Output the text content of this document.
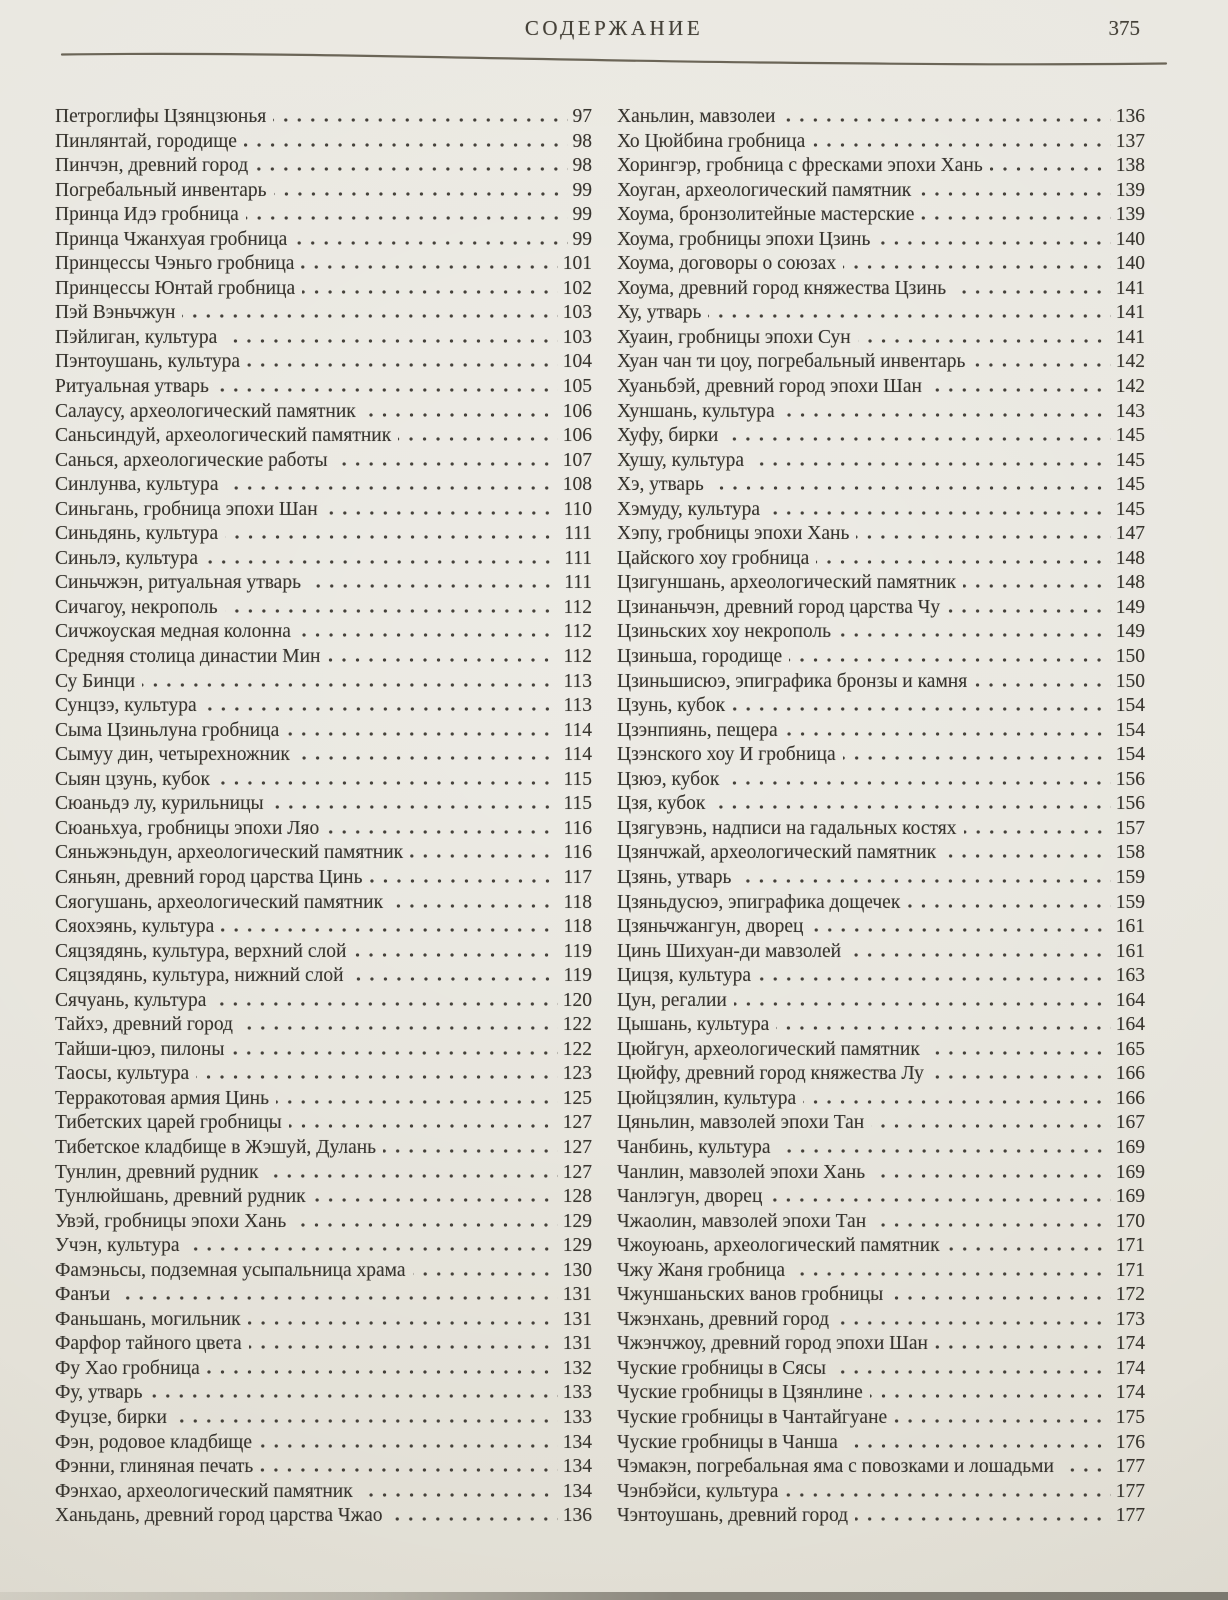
СОДЕРЖАНИЕ	375
Петроглифы Цзянцзюнья	97
Пинлянтай, городище	98
Пинчэн, древний город	98
Погребальный инвентарь	99
Принца Идэ гробница	99
Принца Чжанхуая гробница	99
Принцессы Чэньго гробница	101
Принцессы Юнтай гробница	102
Пэй Вэньчжун	103
Пэйлиган, культура	103
Пэнтоушань, культура	104
Ритуальная утварь	105
Салаусу, археологический памятник	106
Саньсиндуй, археологический памятник	106
Санься, археологические работы	107
Синлунва, культура	108
Синьгань, гробница эпохи Шан	110
Синьдянь, культура	111
Синьлэ, культура	111
Синьчжэн, ритуальная утварь	111
Сичагоу, некрополь	112
Сичжоуская медная колонна	112
Средняя столица династии Мин	112
Су Бинци	113
Сунцзэ, культура	113
Сыма Цзиньлуна гробница	114
Сымуу дин, четырехножник	114
Сыян цзунь, кубок	115
Сюаньдэ лу, курильницы	115
Сюаньхуа, гробницы эпохи Ляо	116
Сяньжэньдун, археологический памятник	116
Сяньян, древний город царства Цинь	117
Сяогушань, археологический памятник	118
Сяохэянь, культура	118
Сяцзядянь, культура, верхний слой	119
Сяцзядянь, культура, нижний слой	119
Сячуань, культура	120
Тайхэ, древний город	122
Тайши-цюэ, пилоны	122
Таосы, культура	123
Терракотовая армия Цинь	125
Тибетских царей гробницы	127
Тибетское кладбище в Жэшуй, Дулань	127
Тунлин, древний рудник	127
Тунлюйшань, древний рудник	128
Увэй, гробницы эпохи Хань	129
Учэн, культура	129
Фамэньсы, подземная усыпальница храма	130
Фанъи	131
Фаньшань, могильник	131
Фарфор тайного цвета	131
Фу Хао гробница	132
Фу, утварь	133
Фуцзе, бирки	133
Фэн, родовое кладбище	134
Фэнни, глиняная печать	134
Фэнхао, археологический памятник	134
Ханьдань, древний город царства Чжао	136
Ханьлин, мавзолеи	136
Хо Цюйбина гробница	137
Хорингэр, гробница с фресками эпохи Хань	138
Хоуган, археологический памятник	139
Хоума, бронзолитейные мастерские	139
Хоума, гробницы эпохи Цзинь	140
Хоума, договоры о союзах	140
Хоума, древний город княжества Цзинь	141
Ху, утварь	141
Хуаин, гробницы эпохи Сун	141
Хуан чан ти цоу, погребальный инвентарь	142
Хуаньбэй, древний город эпохи Шан	142
Хуншань, культура	143
Хуфу, бирки	145
Хушу, культура	145
Хэ, утварь	145
Хэмуду, культура	145
Хэпу, гробницы эпохи Хань	147
Цайского хоу гробница	148
Цзигуншань, археологический памятник	148
Цзинаньчэн, древний город царства Чу	149
Цзиньских хоу некрополь	149
Цзиньша, городище	150
Цзиньшисюэ, эпиграфика бронзы и камня	150
Цзунь, кубок	154
Цзэнпиянь, пещера	154
Цзэнского хоу И гробница	154
Цзюэ, кубок	156
Цзя, кубок	156
Цзягувэнь, надписи на гадальных костях	157
Цзянчжай, археологический памятник	158
Цзянь, утварь	159
Цзяньдусюэ, эпиграфика дощечек	159
Цзяньчжангун, дворец	161
Цинь Шихуан-ди мавзолей	161
Цицзя, культура	163
Цун, регалии	164
Цышань, культура	164
Цюйгун, археологический памятник	165
Цюйфу, древний город княжества Лу	166
Цюйцзялин, культура	166
Цяньлин, мавзолей эпохи Тан	167
Чанбинь, культура	169
Чанлин, мавзолей эпохи Хань	169
Чанлэгун, дворец	169
Чжаолин, мавзолей эпохи Тан	170
Чжоуюань, археологический памятник	171
Чжу Жаня гробница	171
Чжуншаньских ванов гробницы	172
Чжэнхань, древний город	173
Чжэнчжоу, древний город эпохи Шан	174
Чуские гробницы в Сясы	174
Чуские гробницы в Цзянлине	174
Чуские гробницы в Чантайгуане	175
Чуские гробницы в Чанша	176
Чэмакэн, погребальная яма с повозками и лошадьми	177
Чэнбэйси, культура	177
Чэнтоушань, древний город	177
